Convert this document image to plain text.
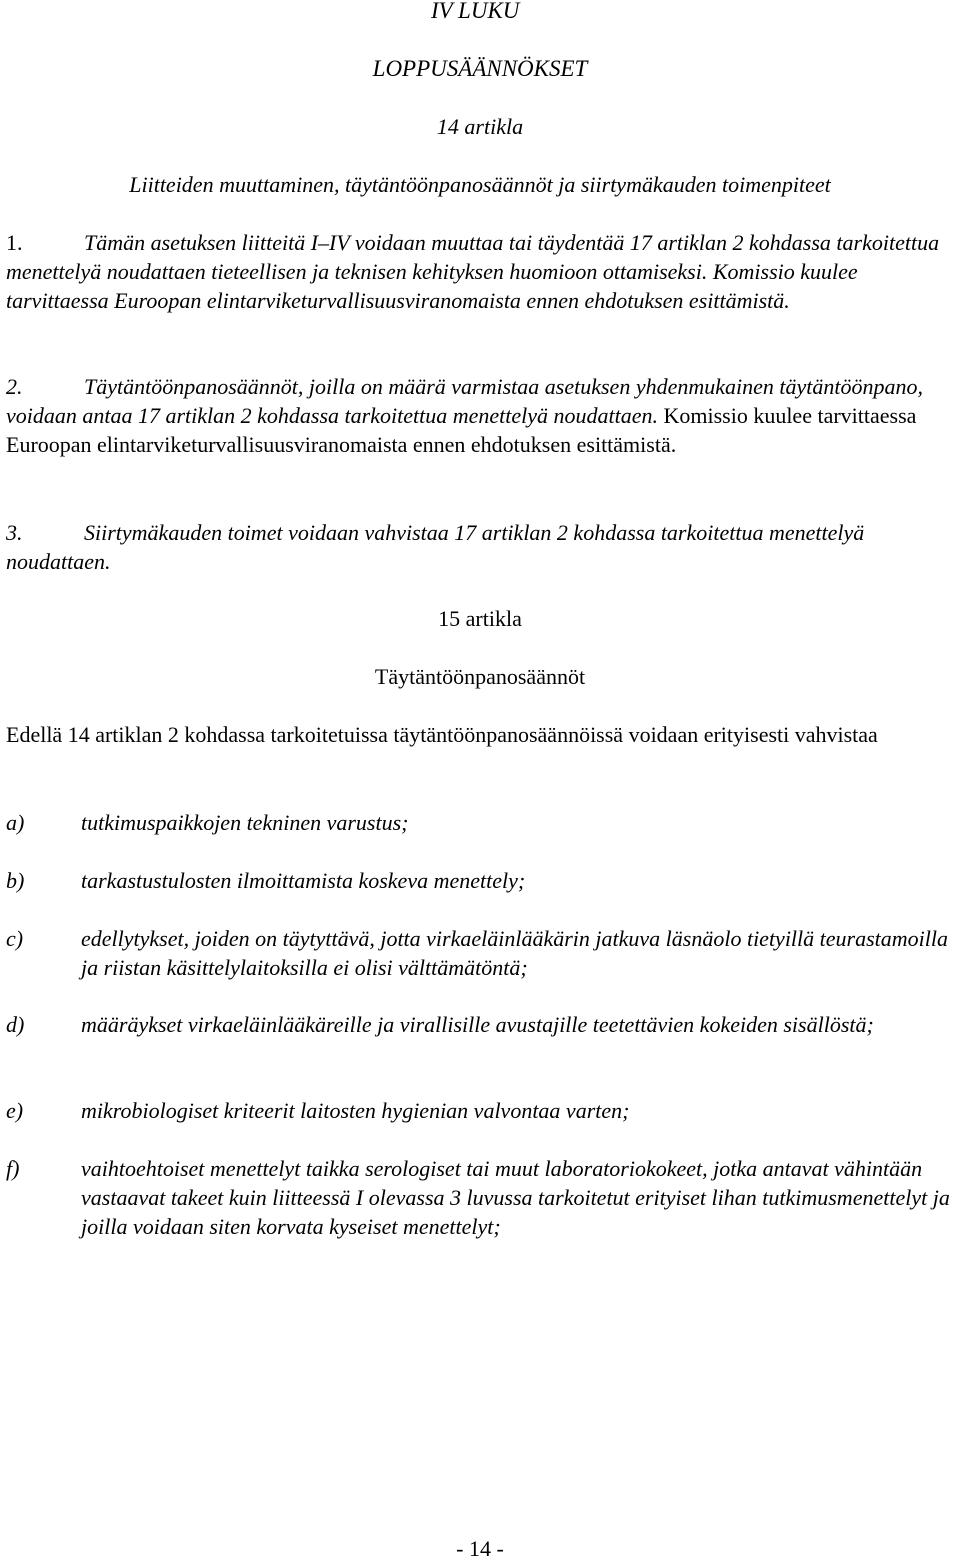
IV LUKU
LOPPUSÄÄNNÖKSET
14 artikla
Liitteiden muuttaminen, täytäntöönpanosäännöt ja siirtymäkauden toimenpiteet
1.	Tämän asetuksen liitteitä I–IV voidaan muuttaa tai täydentää 17 artiklan 2 kohdassa tarkoitettua menettelyä noudattaen tieteellisen ja teknisen kehityksen huomioon ottamiseksi. Komissio kuulee tarvittaessa Euroopan elintarviketurvallisuusviranomaista ennen ehdotuksen esittämistä.
2.	Täytäntöönpanosäännöt, joilla on määrä varmistaa asetuksen yhdenmukainen täytäntöönpano, voidaan antaa 17 artiklan 2 kohdassa tarkoitettua menettelyä noudattaen. Komissio kuulee tarvittaessa Euroopan elintarviketurvallisuusviranomaista ennen ehdotuksen esittämistä.
3.	Siirtymäkauden toimet voidaan vahvistaa 17 artiklan 2 kohdassa tarkoitettua menettelyä noudattaen.
15 artikla
Täytäntöönpanosäännöt
Edellä 14 artiklan 2 kohdassa tarkoitetuissa täytäntöönpanosäännöissä voidaan erityisesti vahvistaa
a)	tutkimuspaikkojen tekninen varustus;
b)	tarkastustulosten ilmoittamista koskeva menettely;
c)	edellytykset, joiden on täytyttävä, jotta virkaeläinlääkärin jatkuva läsnäolo tietyillä teurastamoilla ja riistan käsittelylaitoksilla ei olisi välttämätöntä;
d)	määräykset virkaeläinlääkäreille ja virallisille avustajille teetettävien kokeiden sisällöstä;
e)	mikrobiologiset kriteerit laitosten hygienian valvontaa varten;
f)	vaihtoehtoiset menettelyt taikka serologiset tai muut laboratoriokokeet, jotka antavat vähintään vastaavat takeet kuin liitteessä I olevassa 3 luvussa tarkoitetut erityiset lihan tutkimusmenettelyt ja joilla voidaan siten korvata kyseiset menettelyt;
- 14 -
